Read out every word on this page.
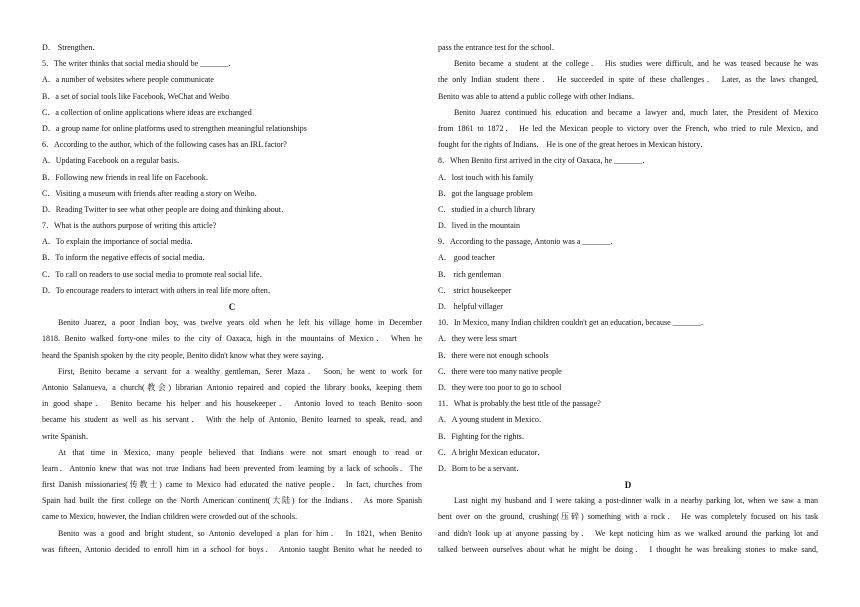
D． Strengthen．
5．The writer thinks that social media should be _______．
A．a number of websites where people communicate
B．a set of social tools like Facebook, WeChat and Weibo
C．a collection of online applications where ideas are exchanged
D．a group name for online platforms used to strengthen meaningful relationships
6．According to the author, which of the following cases has an IRL factor?
A．Updating Facebook on a regular basis．
B．Following new friends in real life on Facebook．
C．Visiting a museum with friends after reading a story on Weibo．
D．Reading Twitter to see what other people are doing and thinking about．
7．What is the authors purpose of writing this article?
A．To explain the importance of social media．
B．To inform the negative effects of social media．
C．To call on readers to use social media to promote real social life．
D．To encourage readers to interact with others in real life more often．
C
Benito Juarez, a poor Indian boy, was twelve years old when he left his village home in December
1818. Benito walked forty-one miles to the city of Oaxaca, high in the mountains of Mexico． When he
heard the Spanish spoken by the city people, Benito didn't know what they were saying．
First, Benito became a servant for a wealthy gentleman, Serer Maza． Soon, he went to work for
Antonio Salanueva, a church(教会) librarian Antonio repaired and copied the library books, keeping them
in good shape． Benito became his helper and his housekeeper． Antonio loved to teach Benito soon
became his student as well as his servant． With the help of Antonio, Benito learned to speak, read, and
write Spanish．
At that time in Mexico, many people believed that Indians were not smart enough to read or
learn．Antonio knew that was not true Indians had been prevented from learning by a lack of schools．The
first Danish missionaries(传教士) came to Mexico had educated the native people． In fact, churches from
Spain had built the first college on the North American continent(大陆) for the Indians． As more Spanish
came to Mexico, however, the Indian children were crowded out of the schools．
Benito was a good and bright student, so Antonio developed a plan for him． In 1821, when Benito
was fifteen, Antonio decided to enroll him in a school for boys． Antonio taught Benito what he needed to
pass the entrance test for the school．
Benito became a student at the college． His studies were difficult, and he was teased because he was
the only Indian student there． He succeeded in spite of these challenges． Later, as the laws changed,
Benito was able to attend a public college with other Indians．
Benito Juarez continued his education and became a lawyer and, much later, the President of Mexico
from 1861 to 1872． He led the Mexican people to victory over the French, who tried to rule Mexico, and
fought for the rights of Indians． He is one of the great heroes in Mexican history．
8．When Benito first arrived in the city of Oaxaca, he _______．
A．lost touch with his family
B．got the language problem
C．studied in a church library
D．lived in the mountain
9．According to the passage, Antonio was a _______．
A． good teacher
B． rich gentleman
C． strict housekeeper
D． helpful villager
10．In Mexico, many Indian children couldn't get an education, because _______．
A．they were less smart
B．there were not enough schools
C．there were too many native people
D．they were too poor to go to school
11．What is probably the best title of the passage?
A．A young student in Mexico．
B．Fighting for the rights．
C．A bright Mexican educator．
D．Born to be a servant．
D
Last night my husband and I were taking a post-dinner walk in a nearby parking lot, when we saw a man
bent over on the ground, crushing(压碎) something with a rock． He was completely focused on his task
and didn't look up at anyone passing by． We kept noticing him as we walked around the parking lot and
talked between ourselves about what he might be doing． I thought he was breaking stones to make sand,
